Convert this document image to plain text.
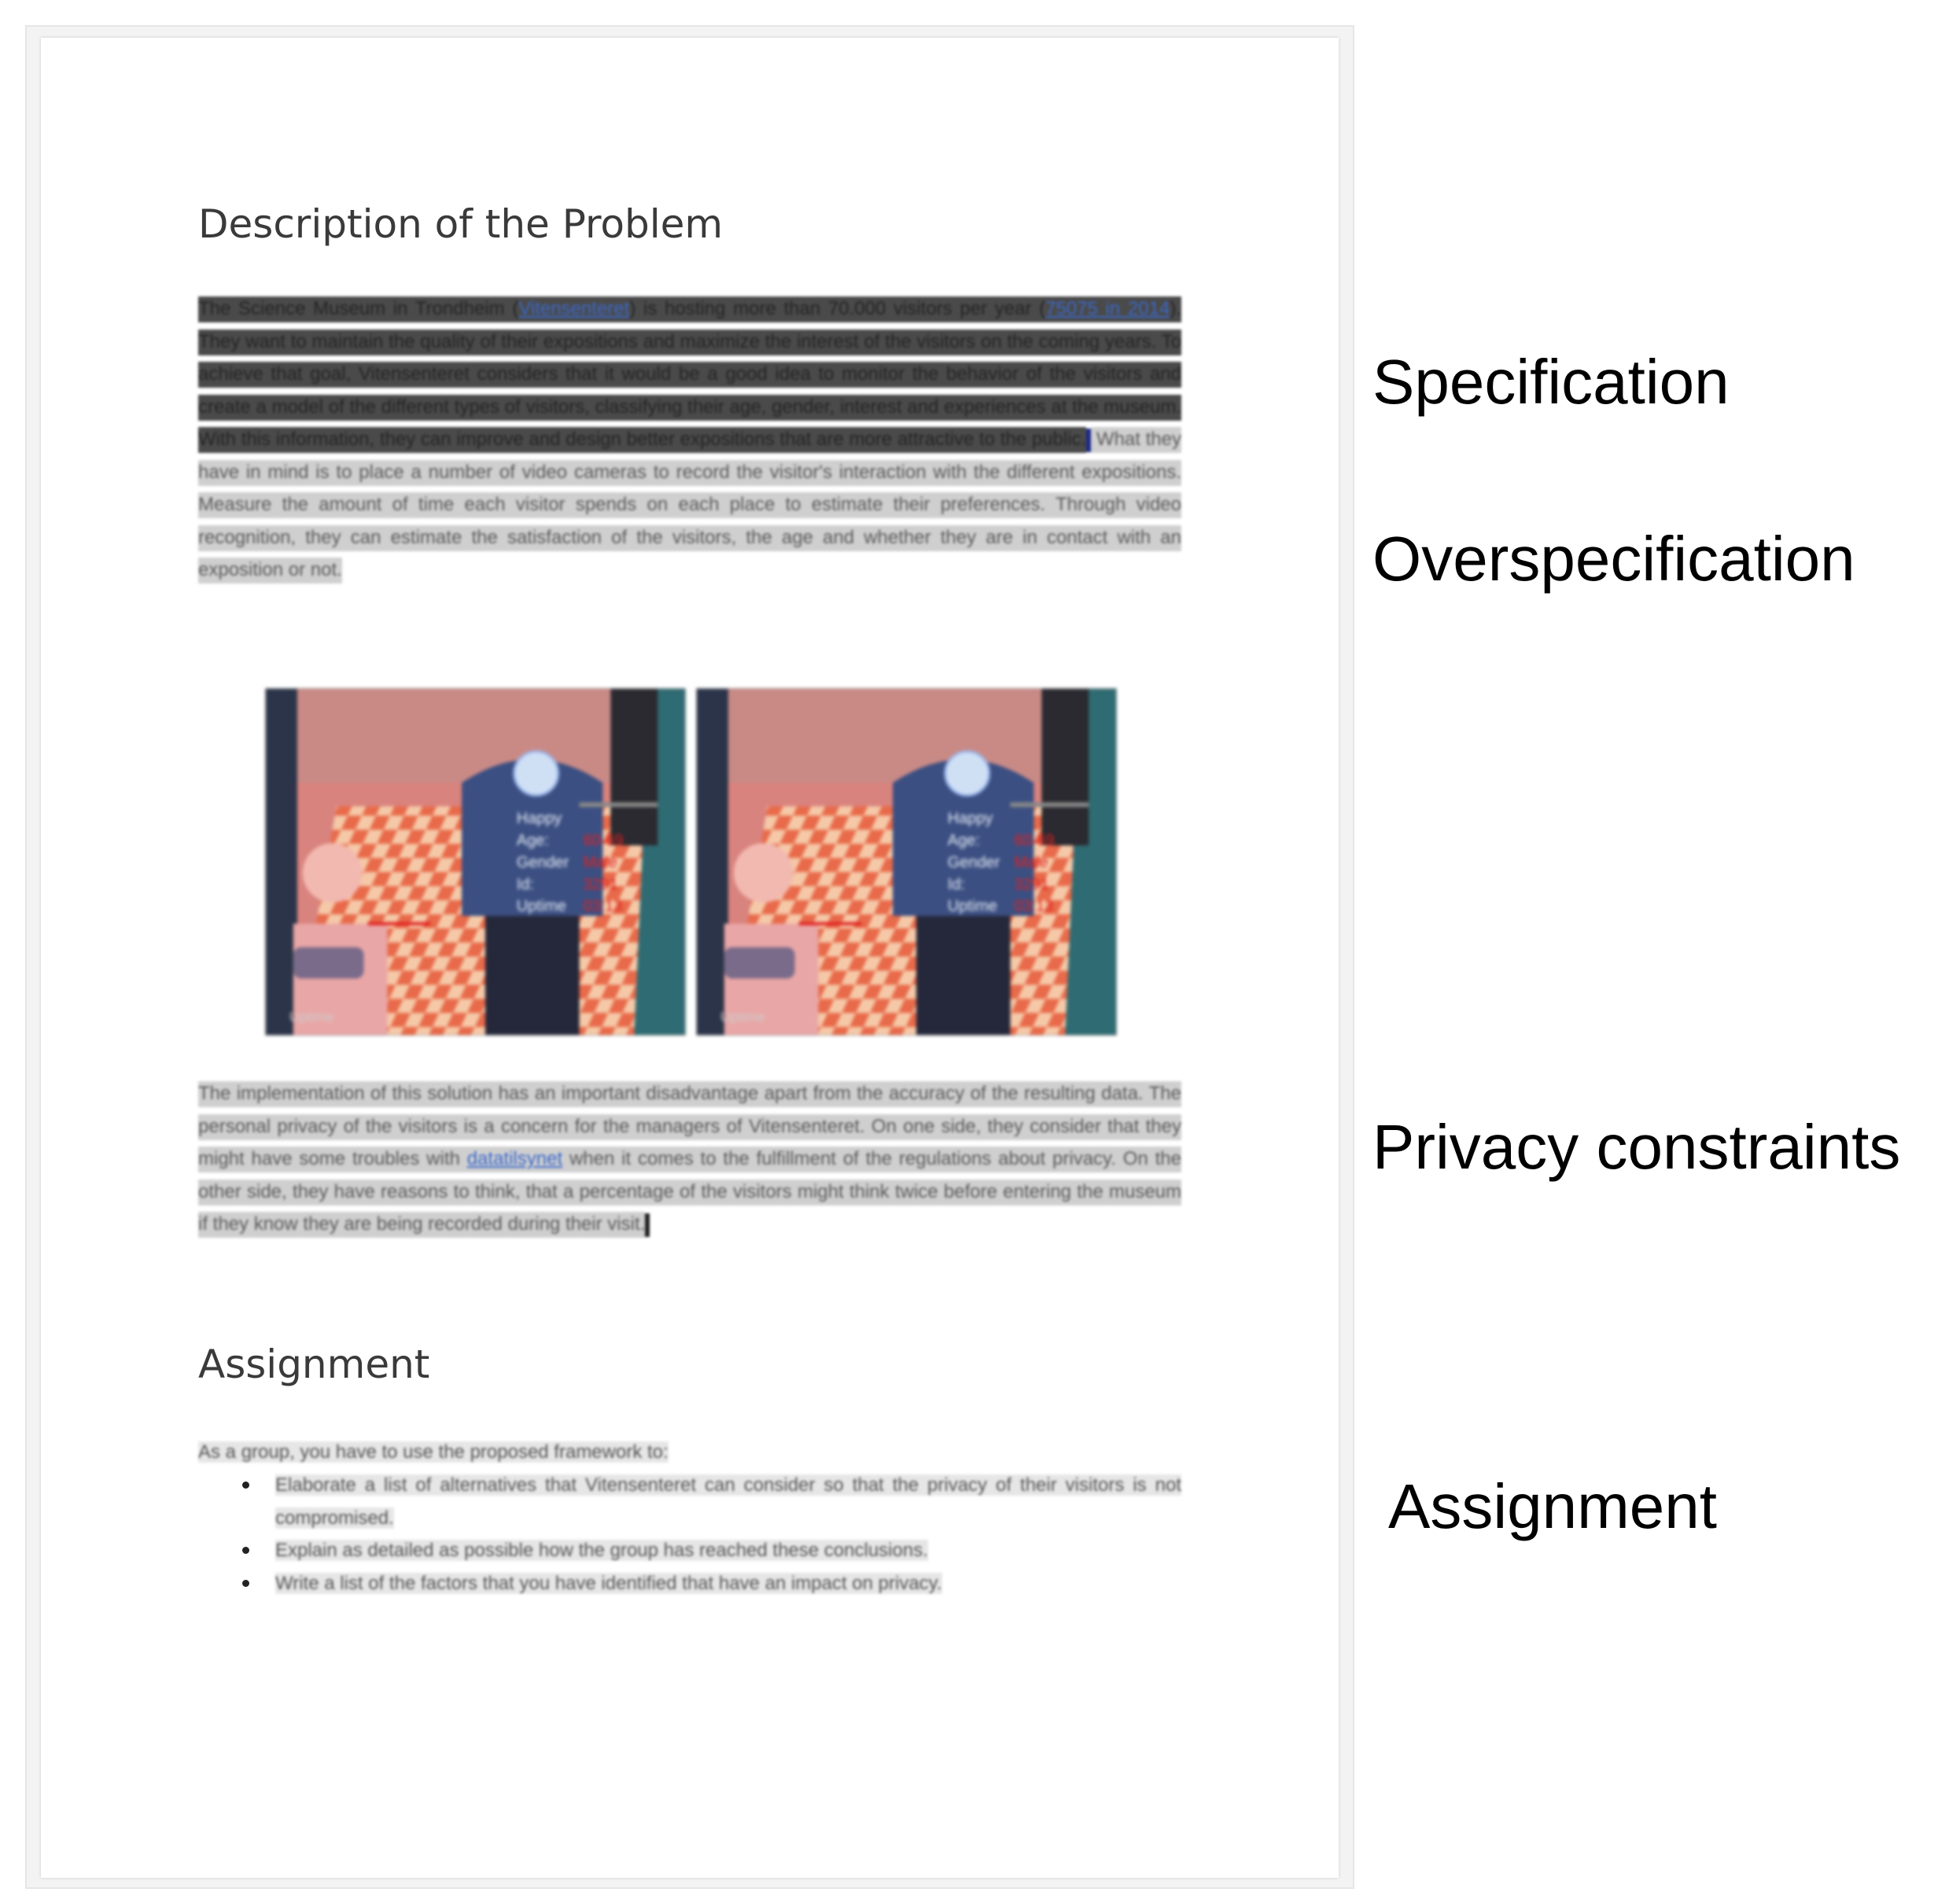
Description of the Problem

The Science Museum in Trondheim (Vitensenteret) is hosting more than 70.000 visitors per year (75075 in 2014). They want to maintain the quality of their expositions and maximize the interest of the visitors on the coming years. To achieve that goal, Vitensenteret considers that it would be a good idea to monitor the behavior of the visitors and create a model of the different types of visitors, classifying their age, gender, interest and experiences at the museum. With this information, they can improve and design better expositions that are more attractive to the public. What they have in mind is to place a number of video cameras to record the visitor's interaction with the different expositions. Measure the amount of time each visitor spends on each place to estimate their preferences. Through video recognition, they can estimate the satisfaction of the visitors, the age and whether they are in contact with an exposition or not.

Happy
Age:
Gender
Id:
Uptime
60-69
Male
3291
03:13
Uptime
Happy
Age:
Gender
Id:
Uptime
60-69
Male
3291
03:13
Uptime

The implementation of this solution has an important disadvantage apart from the accuracy of the resulting data. The personal privacy of the visitors is a concern for the managers of Vitensenteret. On one side, they consider that they might have some troubles with datatilsynet when it comes to the fulfillment of the regulations about privacy. On the other side, they have reasons to think, that a percentage of the visitors might think twice before entering the museum if they know they are being recorded during their visit.

Assignment

As a group, you have to use the proposed framework to:

Elaborate a list of alternatives that Vitensenteret can consider so that the privacy of their visitors is not compromised.
Explain as detailed as possible how the group has reached these conclusions.
Write a list of the factors that you have identified that have an impact on privacy.

Specification

Overspecification

Privacy constraints

Assignment
